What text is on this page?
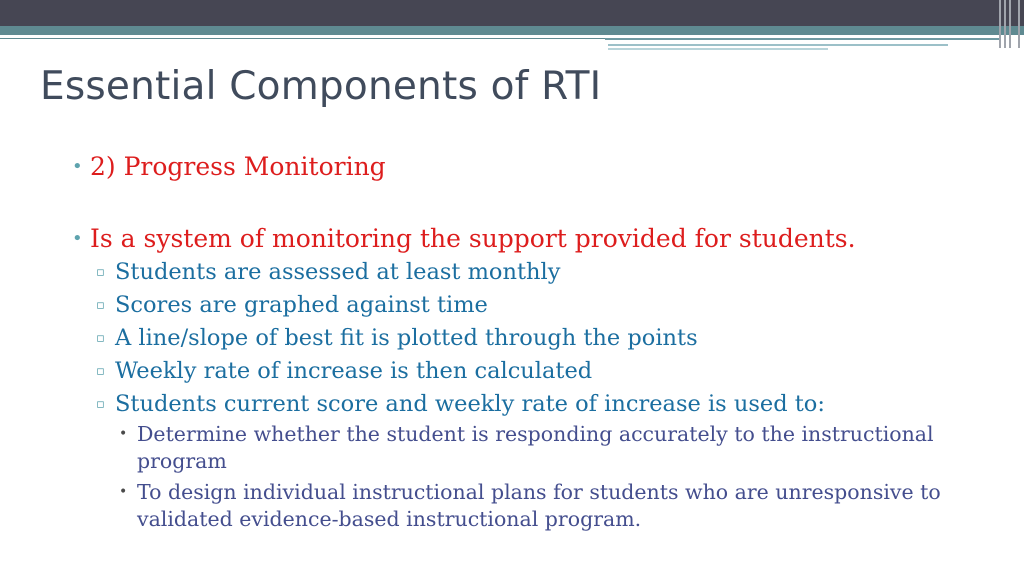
Essential Components of RTI
• 2) Progress Monitoring
• Is a system of monitoring the support provided for students.
▫ Students are assessed at least monthly
▫ Scores are graphed against time
▫ A line/slope of best fit is plotted through the points
▫ Weekly rate of increase is then calculated
▫ Students current score and weekly rate of increase is used to:
• Determine whether the student is responding accurately to the instructional program
• To design individual instructional plans for students who are unresponsive to validated evidence-based instructional program.
